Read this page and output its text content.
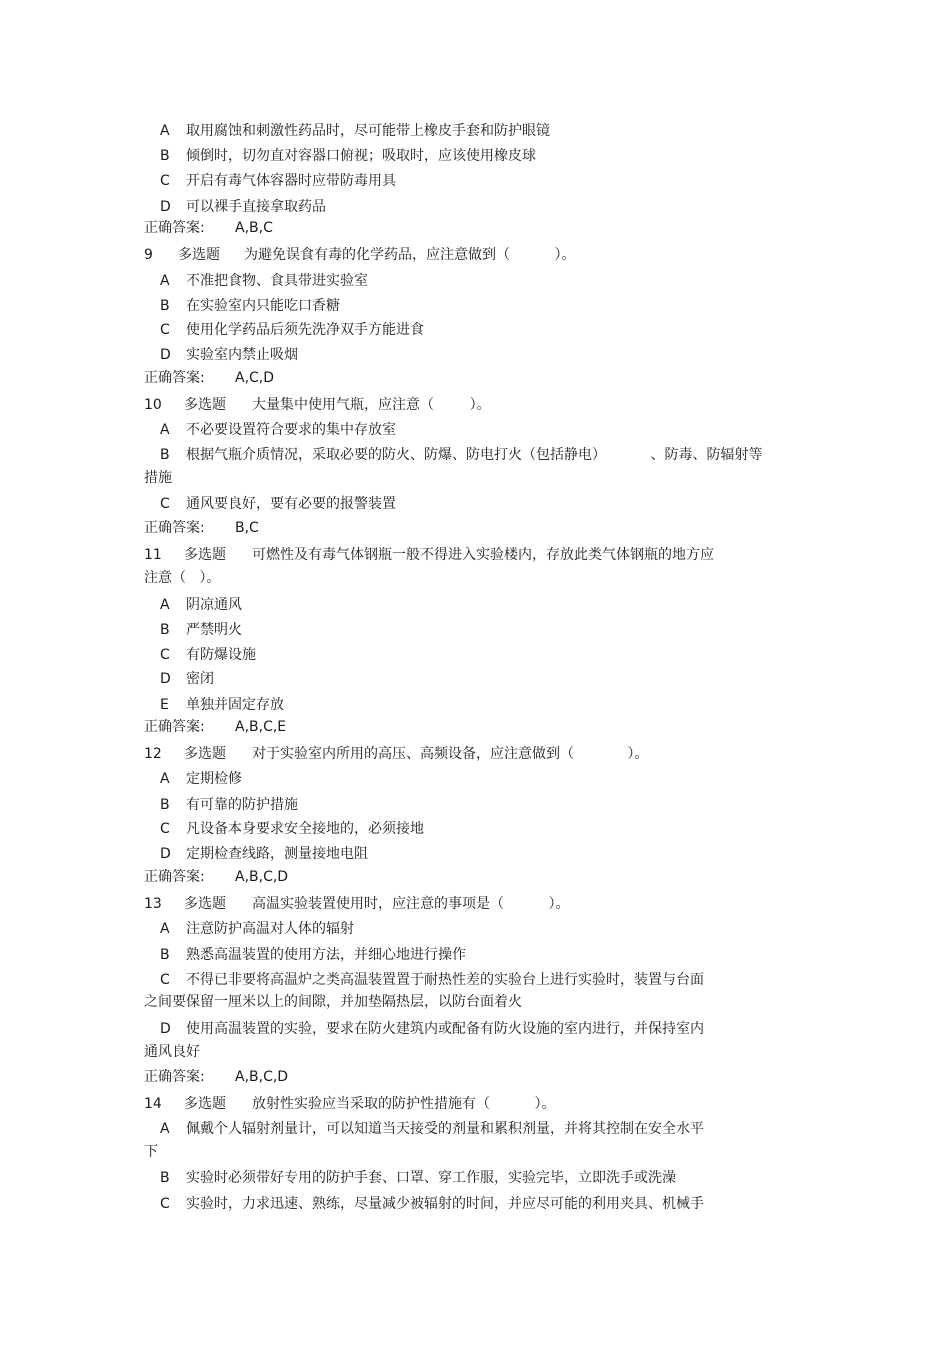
A 取用腐蚀和刺激性药品时，尽可能带上橡皮手套和防护眼镜
B 倾倒时，切勿直对容器口俯视；吸取时，应该使用橡皮球
C 开启有毒气体容器时应带防毒用具
D 可以裸手直接拿取药品
正确答案: A,B,C
9 多选题 为避免误食有毒的化学药品，应注意做到（          ）。
A 不准把食物、食具带进实验室
B 在实验室内只能吃口香糖
C 使用化学药品后须先洗净双手方能进食
D 实验室内禁止吸烟
正确答案: A,C,D
10 多选题 大量集中使用气瓶，应注意（        ）。
A 不必要设置符合要求的集中存放室
B 根据气瓶介质情况，采取必要的防火、防爆、防电打火（包括静电）          、防毒、防辐射等
措施
C 通风要良好，要有必要的报警装置
正确答案: B,C
11 多选题 可燃性及有毒气体钢瓶一般不得进入实验楼内，存放此类气体钢瓶的地方应
注意（   ）。
A 阴凉通风
B 严禁明火
C 有防爆设施
D 密闭
E 单独并固定存放
正确答案: A,B,C,E
12 多选题 对于实验室内所用的高压、高频设备，应注意做到（            ）。
A 定期检修
B 有可靠的防护措施
C 凡设备本身要求安全接地的，必须接地
D 定期检查线路，测量接地电阻
正确答案: A,B,C,D
13 多选题 高温实验装置使用时，应注意的事项是（          ）。
A 注意防护高温对人体的辐射
B 熟悉高温装置的使用方法，并细心地进行操作
C 不得已非要将高温炉之类高温装置置于耐热性差的实验台上进行实验时，装置与台面
之间要保留一厘米以上的间隙，并加垫隔热层，以防台面着火
D 使用高温装置的实验，要求在防火建筑内或配备有防火设施的室内进行，并保持室内
通风良好
正确答案: A,B,C,D
14 多选题 放射性实验应当采取的防护性措施有（          ）。
A 佩戴个人辐射剂量计，可以知道当天接受的剂量和累积剂量，并将其控制在安全水平
下
B 实验时必须带好专用的防护手套、口罩、穿工作服，实验完毕，立即洗手或洗澡
C 实验时，力求迅速、熟练，尽量减少被辐射的时间，并应尽可能的利用夹具、机械手
